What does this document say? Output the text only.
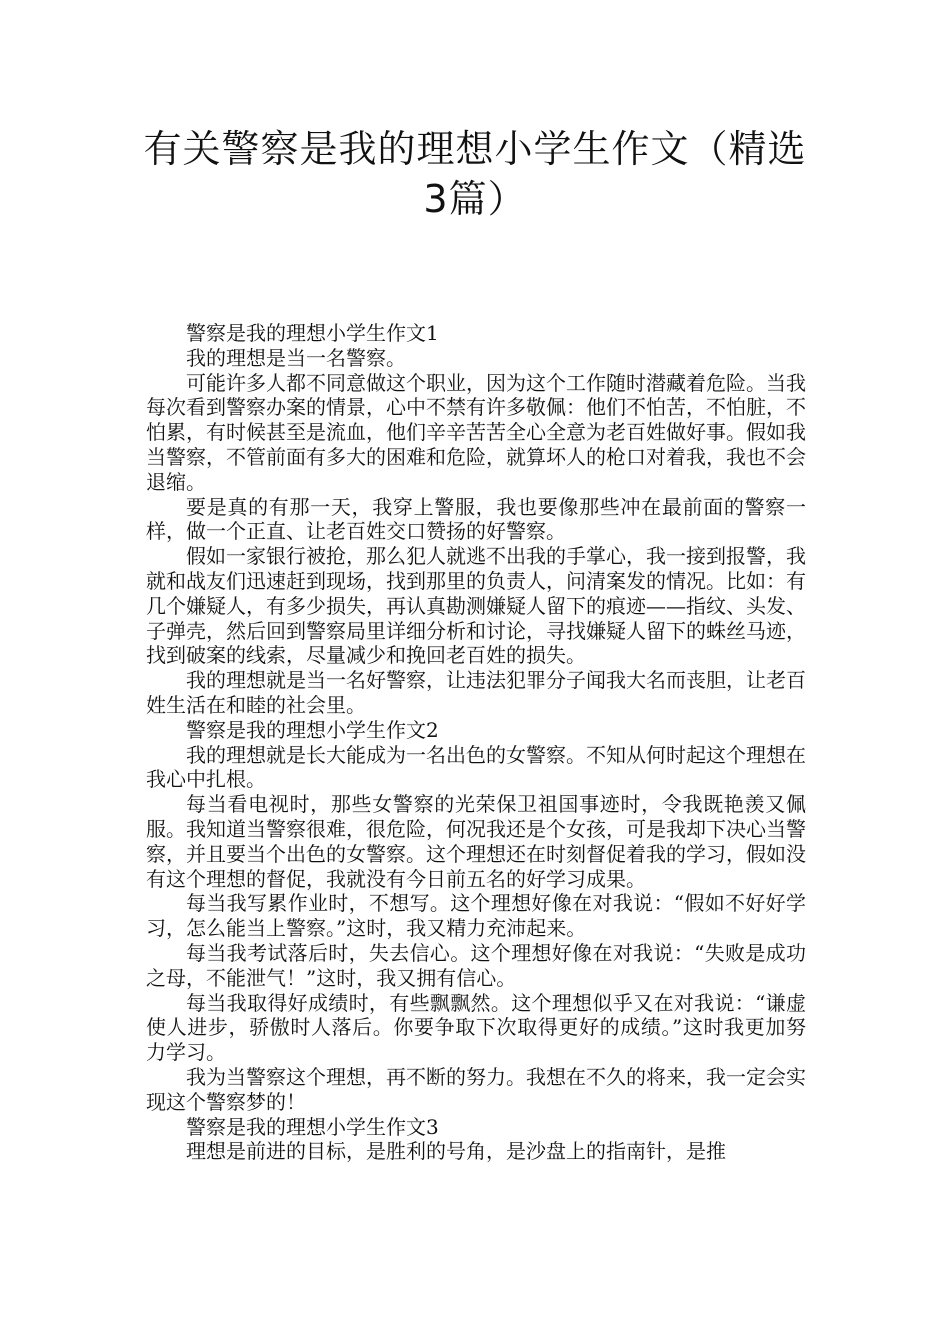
有关警察是我的理想小学生作文（精选3篇）

警察是我的理想小学生作文1

我的理想是当一名警察。

可能许多人都不同意做这个职业，因为这个工作随时潜藏着危险。当我每次看到警察办案的情景，心中不禁有许多敬佩：他们不怕苦，不怕脏，不怕累，有时候甚至是流血，他们辛辛苦苦全心全意为老百姓做好事。假如我当警察，不管前面有多大的困难和危险，就算坏人的枪口对着我，我也不会退缩。

要是真的有那一天，我穿上警服，我也要像那些冲在最前面的警察一样，做一个正直、让老百姓交口赞扬的好警察。

假如一家银行被抢，那么犯人就逃不出我的手掌心，我一接到报警，我就和战友们迅速赶到现场，找到那里的负责人，问清案发的情况。比如：有几个嫌疑人，有多少损失，再认真勘测嫌疑人留下的痕迹——指纹、头发、子弹壳，然后回到警察局里详细分析和讨论，寻找嫌疑人留下的蛛丝马迹，找到破案的线索，尽量减少和挽回老百姓的损失。

我的理想就是当一名好警察，让违法犯罪分子闻我大名而丧胆，让老百姓生活在和睦的社会里。

警察是我的理想小学生作文2

我的理想就是长大能成为一名出色的女警察。不知从何时起这个理想在我心中扎根。

每当看电视时，那些女警察的光荣保卫祖国事迹时，令我既艳羡又佩服。我知道当警察很难，很危险，何况我还是个女孩，可是我却下决心当警察，并且要当个出色的女警察。这个理想还在时刻督促着我的学习，假如没有这个理想的督促，我就没有今日前五名的好学习成果。

每当我写累作业时，不想写。这个理想好像在对我说：“假如不好好学习，怎么能当上警察。”这时，我又精力充沛起来。

每当我考试落后时，失去信心。这个理想好像在对我说：“失败是成功之母，不能泄气！”这时，我又拥有信心。

每当我取得好成绩时，有些飘飘然。这个理想似乎又在对我说：“谦虚使人进步，骄傲时人落后。你要争取下次取得更好的成绩。”这时我更加努力学习。

我为当警察这个理想，再不断的努力。我想在不久的将来，我一定会实现这个警察梦的！

警察是我的理想小学生作文3

理想是前进的目标，是胜利的号角，是沙盘上的指南针，是推
